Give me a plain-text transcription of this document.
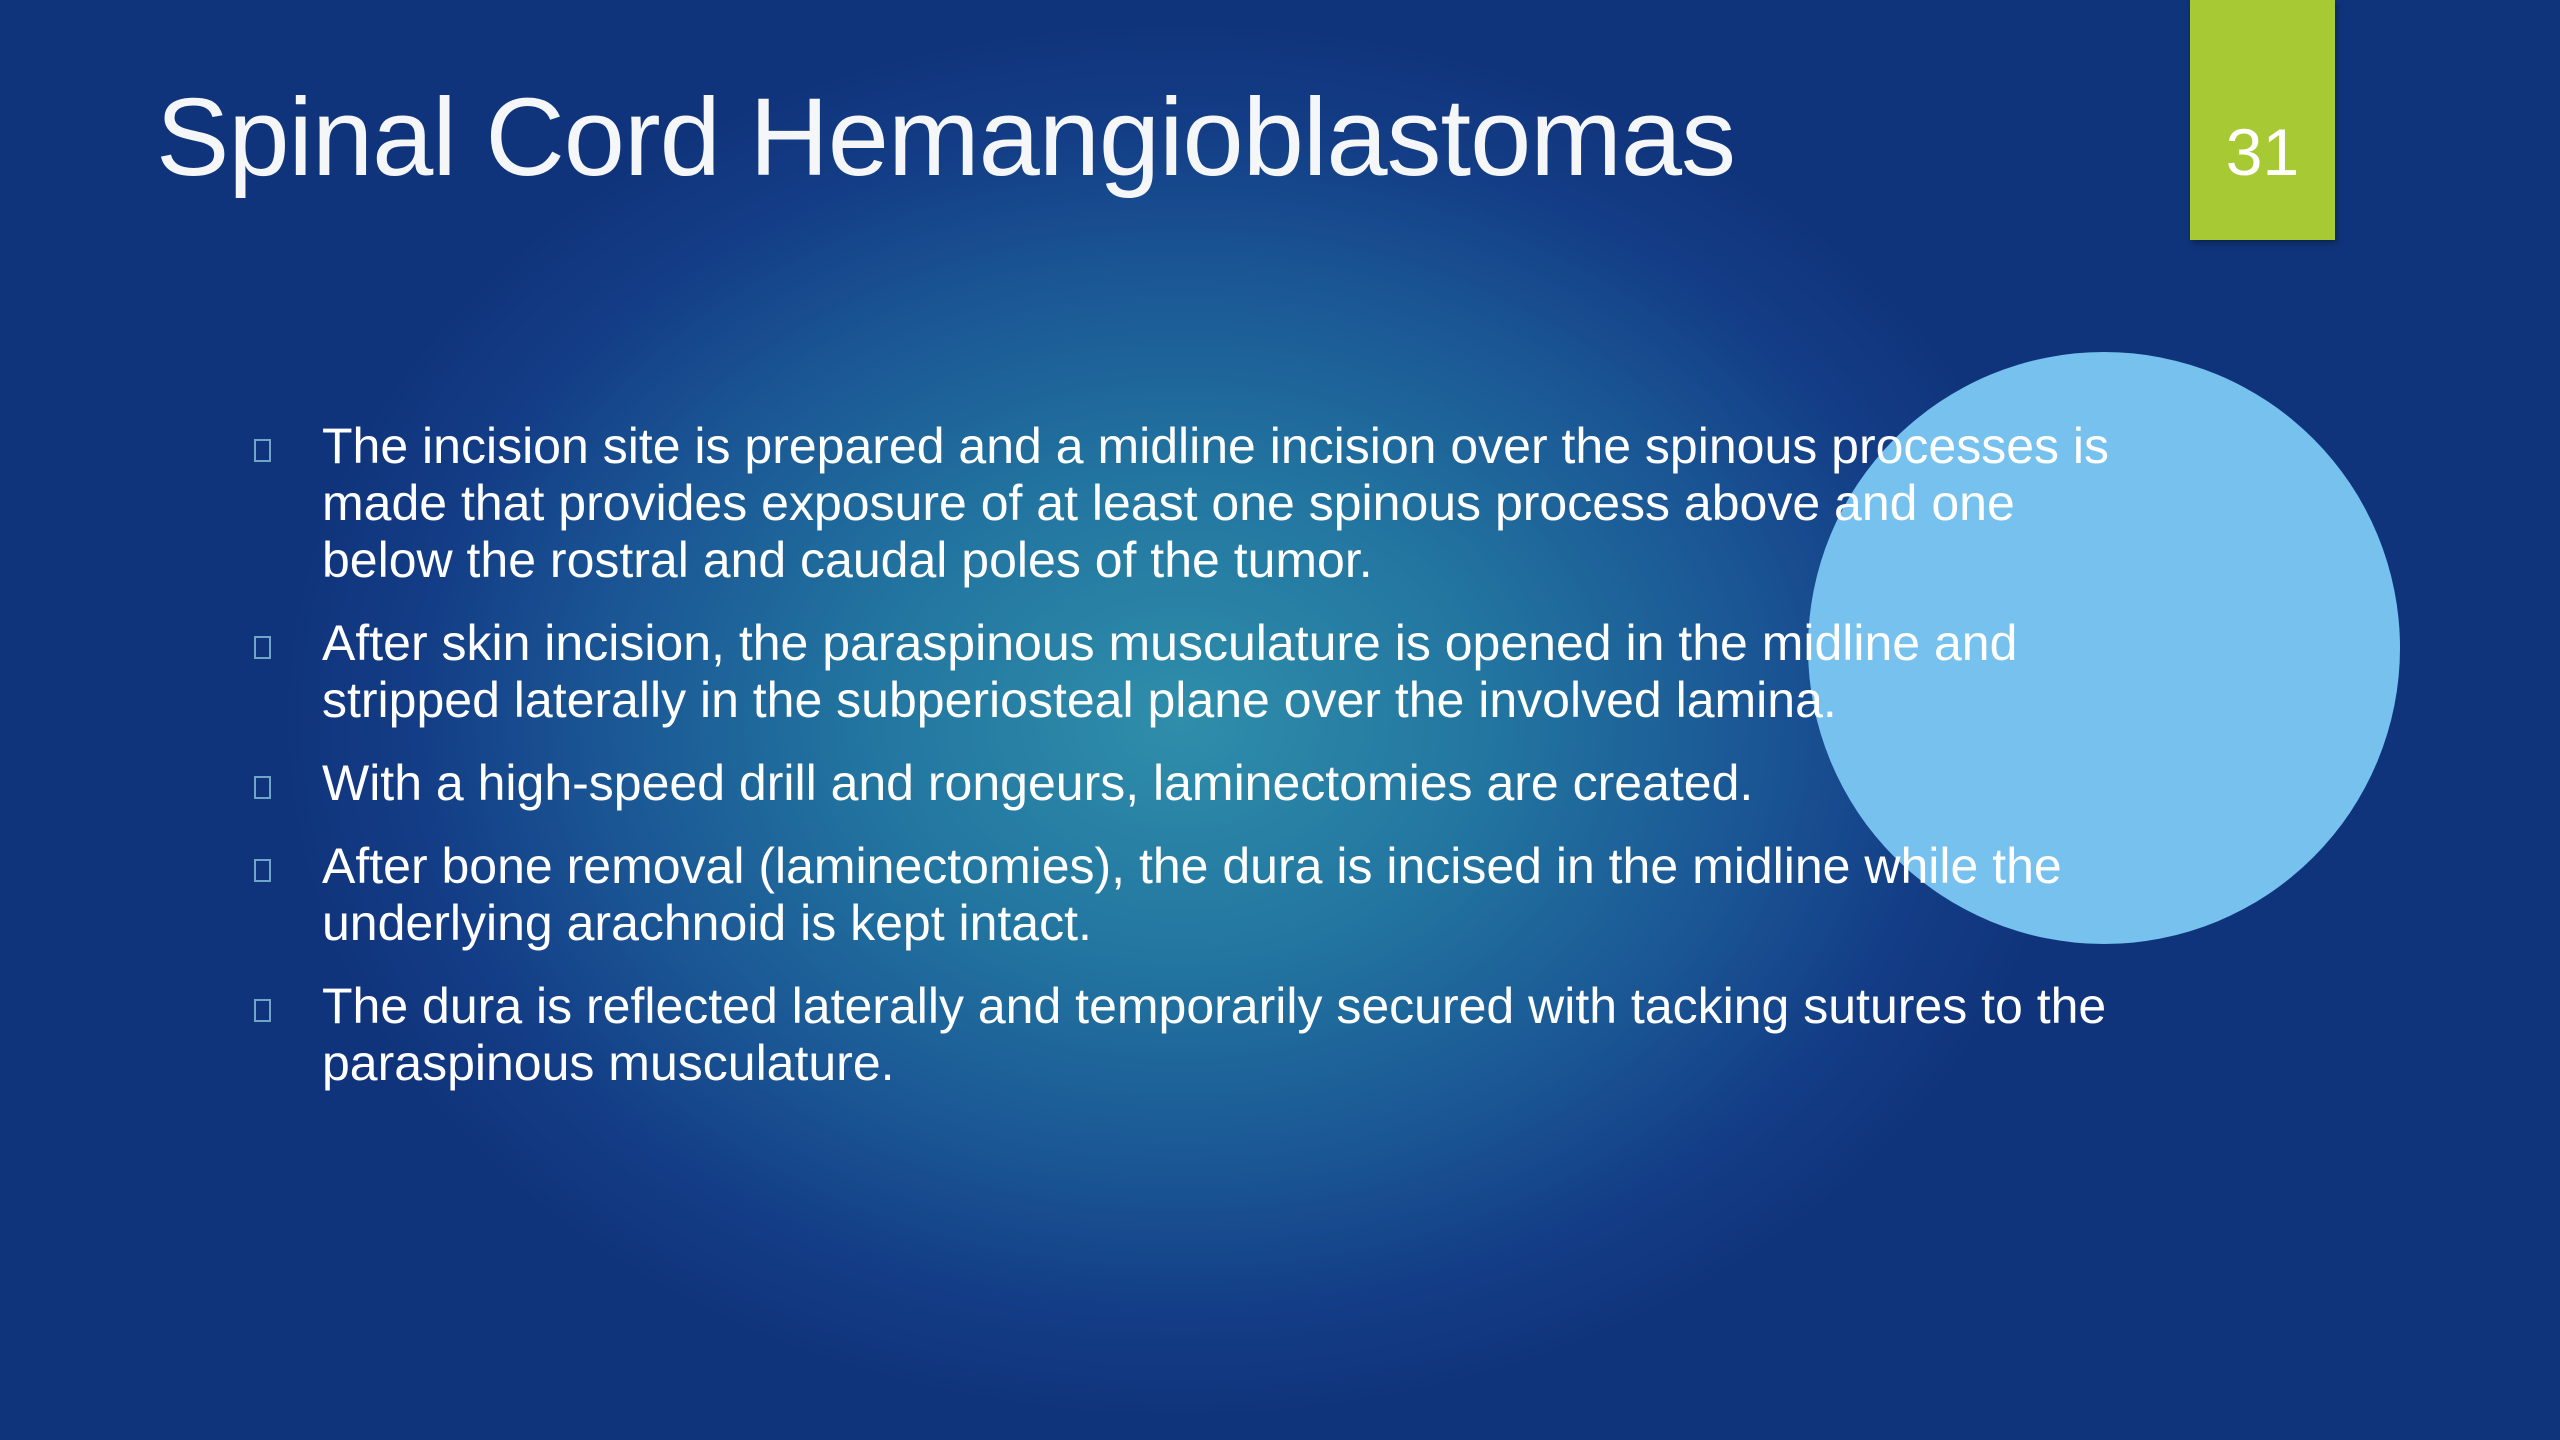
Spinal Cord Hemangioblastomas	31
The incision site is prepared and a midline incision over the spinous processes is made that provides exposure of at least one spinous process above and one below the rostral and caudal poles of the tumor.
After skin incision, the paraspinous musculature is opened in the midline and stripped laterally in the subperiosteal plane over the involved lamina.
With a high-speed drill and rongeurs, laminectomies are created.
After bone removal (laminectomies), the dura is incised in the midline while the underlying arachnoid is kept intact.
The dura is reflected laterally and temporarily secured with tacking sutures to the paraspinous musculature.
